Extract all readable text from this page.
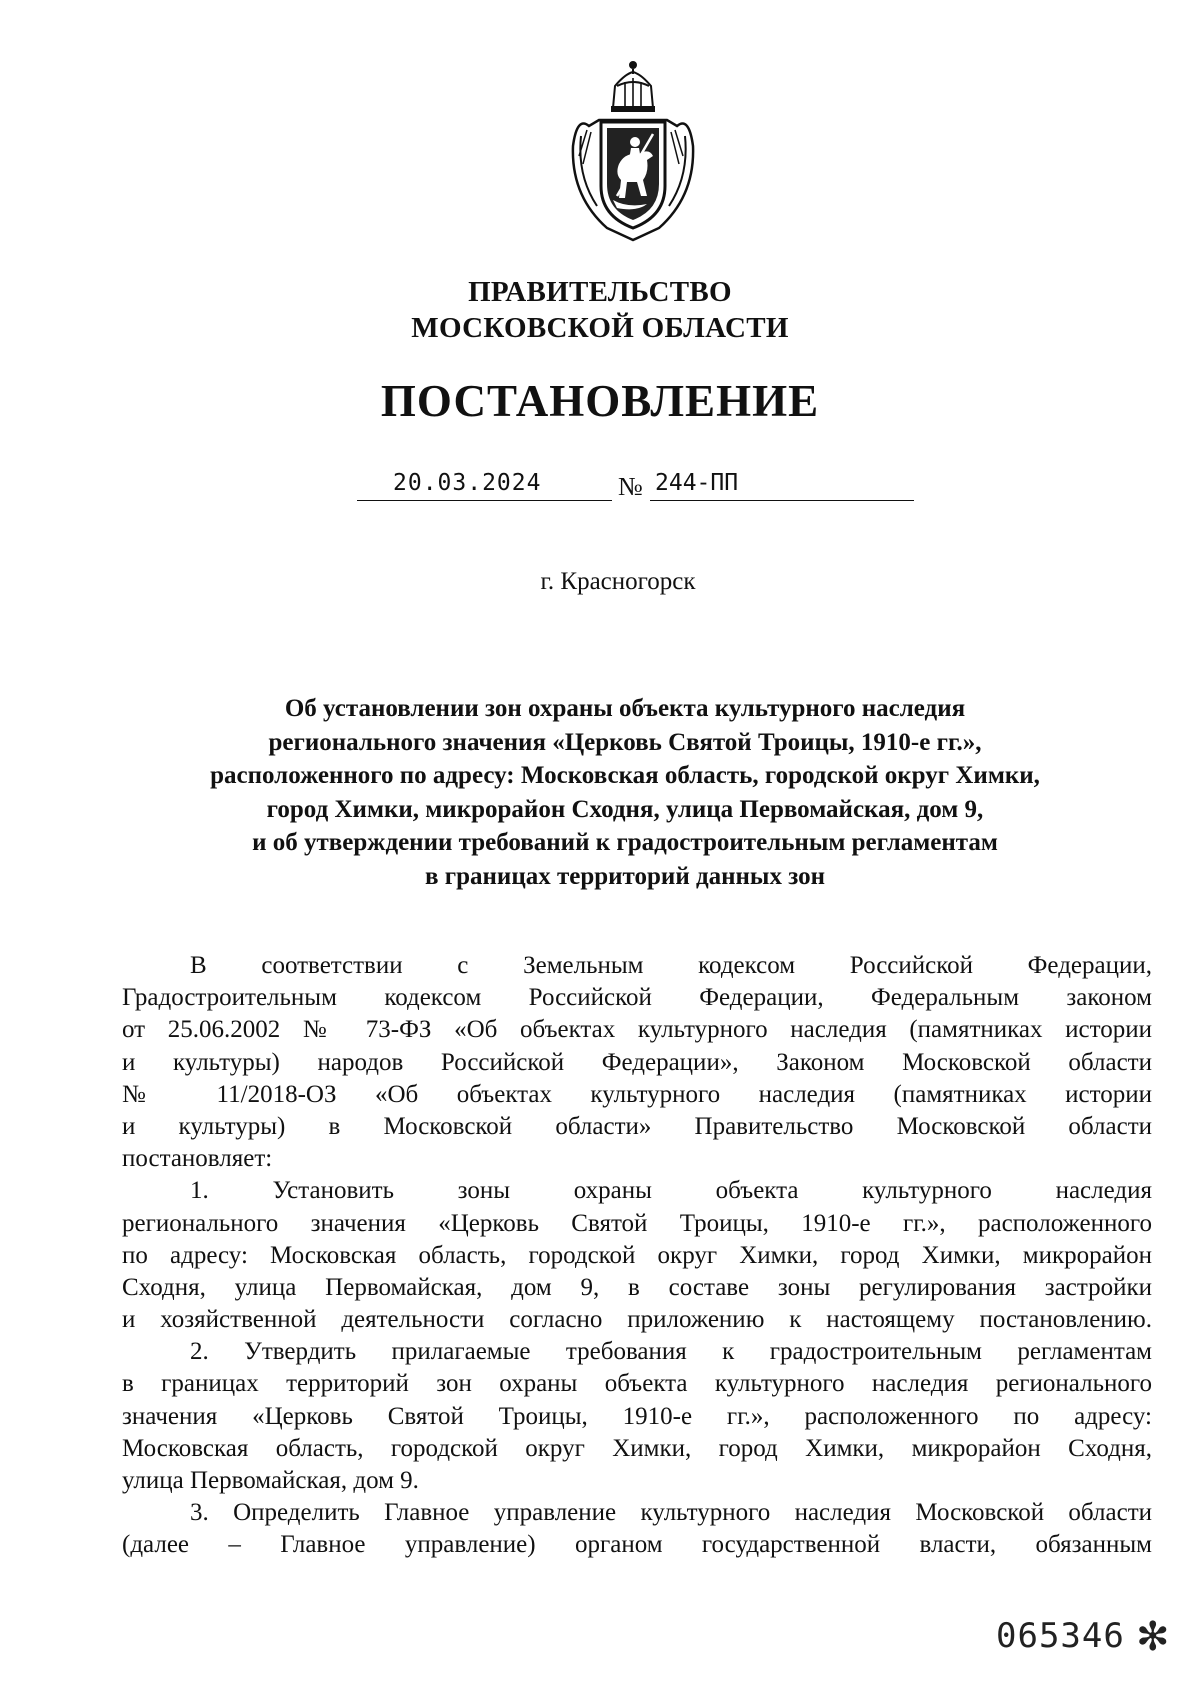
ПРАВИТЕЛЬСТВО
МОСКОВСКОЙ ОБЛАСТИ
ПОСТАНОВЛЕНИЕ
20.03.2024	№ 244-ПП
г. Красногорск
Об установлении зон охраны объекта культурного наследия
регионального значения «Церковь Святой Троицы, 1910-е гг.»,
расположенного по адресу: Московская область, городской округ Химки,
город Химки, микрорайон Сходня, улица Первомайская, дом 9,
и об утверждении требований к градостроительным регламентам
в границах территорий данных зон
В соответствии с Земельным кодексом Российской Федерации,
Градостроительным кодексом Российской Федерации, Федеральным законом
от 25.06.2002 № 73-ФЗ «Об объектах культурного наследия (памятниках истории
и культуры) народов Российской Федерации», Законом Московской области
№ 11/2018-ОЗ «Об объектах культурного наследия (памятниках истории
и культуры) в Московской области» Правительство Московской области
постановляет:
1. Установить зоны охраны объекта культурного наследия
регионального значения «Церковь Святой Троицы, 1910-е гг.», расположенного
по адресу: Московская область, городской округ Химки, город Химки, микрорайон
Сходня, улица Первомайская, дом 9, в составе зоны регулирования застройки
и хозяйственной деятельности согласно приложению к настоящему постановлению.
2. Утвердить прилагаемые требования к градостроительным регламентам
в границах территорий зон охраны объекта культурного наследия регионального
значения «Церковь Святой Троицы, 1910-е гг.», расположенного по адресу:
Московская область, городской округ Химки, город Химки, микрорайон Сходня,
улица Первомайская, дом 9.
3. Определить Главное управление культурного наследия Московской области
(далее – Главное управление) органом государственной власти, обязанным
065346 ✻
